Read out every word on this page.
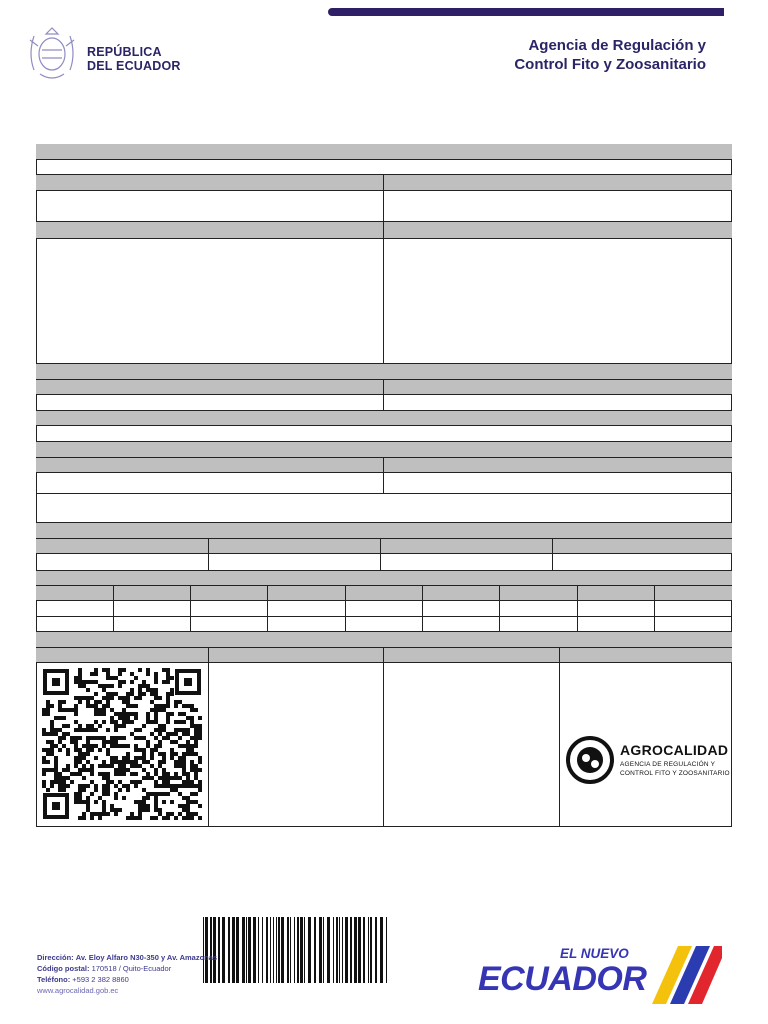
REPÚBLICA
DEL ECUADOR
Agencia de Regulación y
Control Fito y Zoosanitario
AGROCALIDAD
AGENCIA DE REGULACIÓN Y
CONTROL FITO Y ZOOSANITARIO
Dirección: Av. Eloy Alfaro N30-350 y Av. Amazonas
Código postal: 170518 / Quito-Ecuador
Teléfono: +593 2 382 8860
www.agrocalidad.gob.ec
EL NUEVO
ECUADOR
